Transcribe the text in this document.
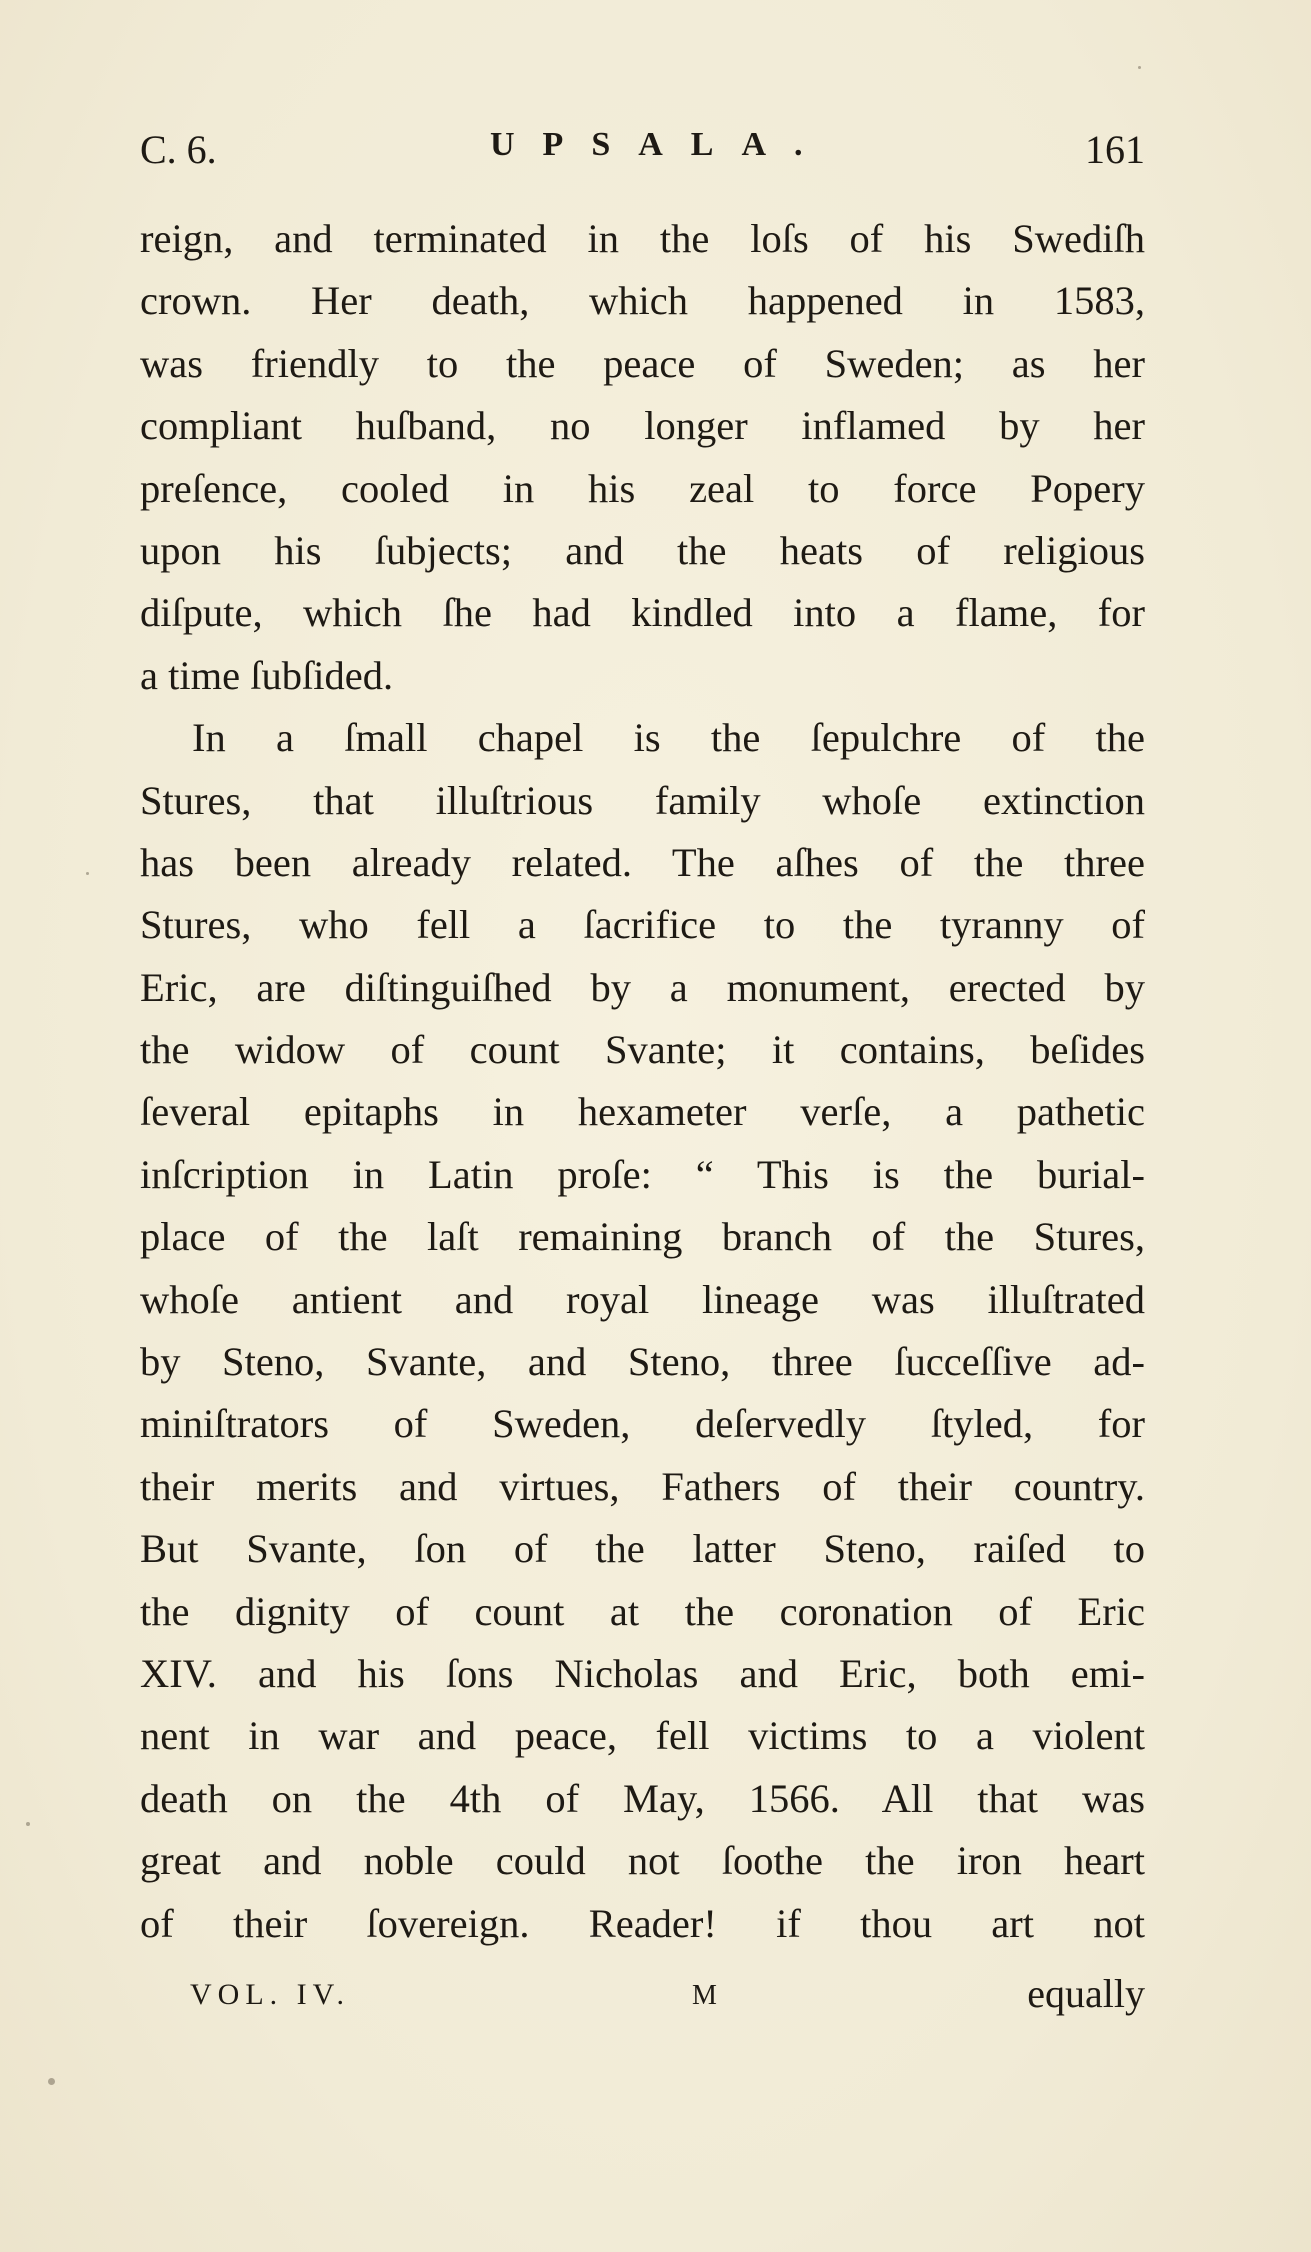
C. 6.	UPSALA.	161
reign, and terminated in the loſs of his Swediſh
crown. Her death, which happened in 1583,
was friendly to the peace of Sweden; as her
compliant huſband, no longer inflamed by her
preſence, cooled in his zeal to force Popery
upon his ſubjects; and the heats of religious
diſpute, which ſhe had kindled into a flame, for
a time ſubſided.
In a ſmall chapel is the ſepulchre of the
Stures, that illuſtrious family whoſe extinction
has been already related. The aſhes of the three
Stures, who fell a ſacrifice to the tyranny of
Eric, are diſtinguiſhed by a monument, erected by
the widow of count Svante; it contains, beſides
ſeveral epitaphs in hexameter verſe, a pathetic
inſcription in Latin proſe: “ This is the burial-
place of the laſt remaining branch of the Stures,
whoſe antient and royal lineage was illuſtrated
by Steno, Svante, and Steno, three ſucceſſive ad-
miniſtrators of Sweden, deſervedly ſtyled, for
their merits and virtues, Fathers of their country.
But Svante, ſon of the latter Steno, raiſed to
the dignity of count at the coronation of Eric
XIV. and his ſons Nicholas and Eric, both emi-
nent in war and peace, fell victims to a violent
death on the 4th of May, 1566. All that was
great and noble could not ſoothe the iron heart
of their ſovereign. Reader! if thou art not
VOL. IV.	M	equally
